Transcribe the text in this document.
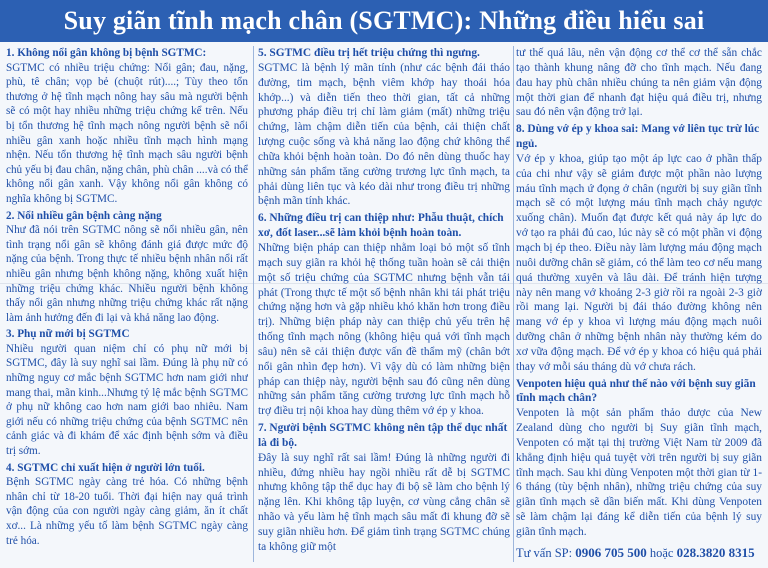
Suy giãn tĩnh mạch chân (SGTMC): Những điều hiểu sai

1. Không nổi gân không bị bệnh SGTMC:

SGTMC có nhiều triệu chứng: Nổi gân; đau, nặng, phù, tê chân; vọp bẻ (chuột rút)....; Tùy theo tổn thương ở hệ tĩnh mạch nông hay sâu mà người bệnh sẽ có một hay nhiều những triệu chứng kể trên. Nếu bị tổn thương hệ tĩnh mạch nông người bệnh sẽ nổi nhiều gân xanh hoặc nhiều tĩnh mạch hình mạng nhện. Nếu tổn thương hệ tĩnh mạch sâu người bệnh chủ yếu bị đau chân, nặng chân, phù chân ....và có thể không nổi gân xanh. Vậy không nổi gân không có nghĩa không bị SGTMC.

2. Nổi nhiều gân bệnh càng nặng

Như đã nói trên SGTMC nông sẽ nổi nhiều gân, nên tình trạng nổi gân sẽ không đánh giá được mức độ nặng của bệnh. Trong thực tế nhiều bệnh nhân nổi rất nhiều gân nhưng bệnh không nặng, không xuất hiện những triệu chứng khác. Nhiều người bệnh không thấy nổi gân nhưng những triệu chứng khác rất nặng làm ảnh hưởng đến đi lại và khả năng lao động.

3. Phụ nữ mới bị SGTMC

Nhiều người quan niệm chỉ có phụ nữ mới bị SGTMC, đây là suy nghĩ sai lầm. Đúng là phụ nữ có những nguy cơ mắc bệnh SGTMC hơn nam giới như mang thai, mãn kinh...Nhưng tỷ lệ mắc bệnh SGTMC ở phụ nữ không cao hơn nam giới bao nhiêu. Nam giới nếu có những triệu chứng của bệnh SGTMC nên cảnh giác và đi khám để xác định bệnh sớm và điều trị sớm.

4. SGTMC chỉ xuất hiện ở người lớn tuổi.

Bệnh SGTMC ngày càng trẻ hóa. Có những bệnh nhân chỉ từ 18-20 tuổi. Thời đại hiện nay quá trình vận động của con người ngày càng giảm, ăn ít chất xơ... Là những yếu tố làm bệnh SGTMC ngày càng trẻ hóa.

5. SGTMC điều trị hết triệu chứng thì ngưng.

SGTMC là bệnh lý mãn tính (như các bệnh đái tháo đường, tim mạch, bệnh viêm khớp hay thoái hóa khớp...) và diễn tiến theo thời gian, tất cả những phương pháp điều trị chỉ làm giảm (mất) những triệu chứng, làm chậm diễn tiến của bệnh, cải thiện chất lượng cuộc sống và khả năng lao động chứ không thể chữa khỏi bệnh hoàn toàn. Do đó nên dùng thuốc hay những sản phẩm tăng cường trương lực tĩnh mạch, ta phải dùng liên tục và kéo dài như trong điều trị những bệnh mãn tính khác.

6. Những điều trị can thiệp như: Phẫu thuật, chích xơ, đốt laser...sẽ làm khỏi bệnh hoàn toàn.

Những biện pháp can thiệp nhằm loại bỏ một số tĩnh mạch suy giãn ra khỏi hệ thống tuần hoàn sẽ cải thiện một số triệu chứng của SGTMC nhưng bệnh vẫn tái phát (Trong thực tế một số bệnh nhân khi tái phát triệu chứng nặng hơn và gặp nhiều khó khăn hơn trong điều trị). Những biện pháp này can thiệp chủ yếu trên hệ thống tĩnh mạch nông (không hiệu quả với tĩnh mạch sâu) nên sẽ cải thiện được vấn đề thẩm mỹ (chân bớt nổi gân nhìn đẹp hơn). Vì vậy dù có làm những biện pháp can thiệp này, người bệnh sau đó cũng nên dùng những sản phẩm tăng cường trương lực tĩnh mạch hỗ trợ điều trị nội khoa hay dùng thêm vớ ép y khoa.

7. Người bệnh SGTMC không nên tập thể dục nhất là đi bộ.

Đây là suy nghĩ rất sai lầm! Đúng là những người đi nhiều, đứng nhiều hay ngồi nhiều rất dễ bị SGTMC nhưng không tập thể dục hay đi bộ sẽ làm cho bệnh lý nặng lên. Khi không tập luyện, cơ vùng cẳng chân sẽ nhão và yếu làm hệ tĩnh mạch sâu mất đi khung đỡ sẽ suy giãn nhiều hơn. Để giảm tình trạng SGTMC chúng ta không giữ một

tư thế quá lâu, nên vận động cơ thể cơ thể sẵn chắc tạo thành khung nâng đỡ cho tĩnh mạch. Nếu đang đau hay phù chân nhiều chúng ta nên giảm vận động một thời gian để nhanh đạt hiệu quả điều trị, nhưng sau đó nên vận động trở lại.

8. Dùng vớ ép y khoa sai: Mang vớ liên tục trừ lúc ngủ.

Vớ ép y khoa, giúp tạo một áp lực cao ở phần thấp của chi như vậy sẽ giảm được một phần nào lượng máu tĩnh mạch ứ đọng ở chân (người bị suy giãn tĩnh mạch sẽ có một lượng máu tĩnh mạch chảy ngược xuống chân). Muốn đạt được kết quả này áp lực do vớ tạo ra phải đủ cao, lúc này sẽ có một phần vi động mạch bị ép theo. Điều này làm lượng máu động mạch nuôi dưỡng chân sẽ giảm, có thể làm teo cơ nếu mang quá thường xuyên và lâu dài. Để tránh hiện tượng này nên mang vớ khoảng 2-3 giờ rồi ra ngoài 2-3 giờ rồi mang lại. Người bị đái tháo đường không nên mang vớ ép y khoa vì lượng máu động mạch nuôi dưỡng chân ở những bệnh nhân này thường kém do xơ vữa động mạch. Để vớ ép y khoa có hiệu quả phải thay vớ mỗi sáu tháng dù vớ chưa rách.

Venpoten hiệu quả như thế nào với bệnh suy giãn tĩnh mạch chân?

Venpoten là một sản phẩm thảo dược của New Zealand dùng cho người bị Suy giãn tĩnh mạch, Venpoten có mặt tại thị trường Việt Nam từ 2009 đã khẳng định hiệu quả tuyệt vời trên người bị suy giãn tĩnh mạch. Sau khi dùng Venpoten một thời gian từ 1-6 tháng (tùy bệnh nhân), những triệu chứng của suy giãn tĩnh mạch sẽ dần biến mất. Khi dùng Venpoten sẽ làm chậm lại đáng kể diễn tiến của bệnh lý suy giãn tĩnh mạch.

Tư vấn SP: 0906 705 500 hoặc 028.3820 8315
